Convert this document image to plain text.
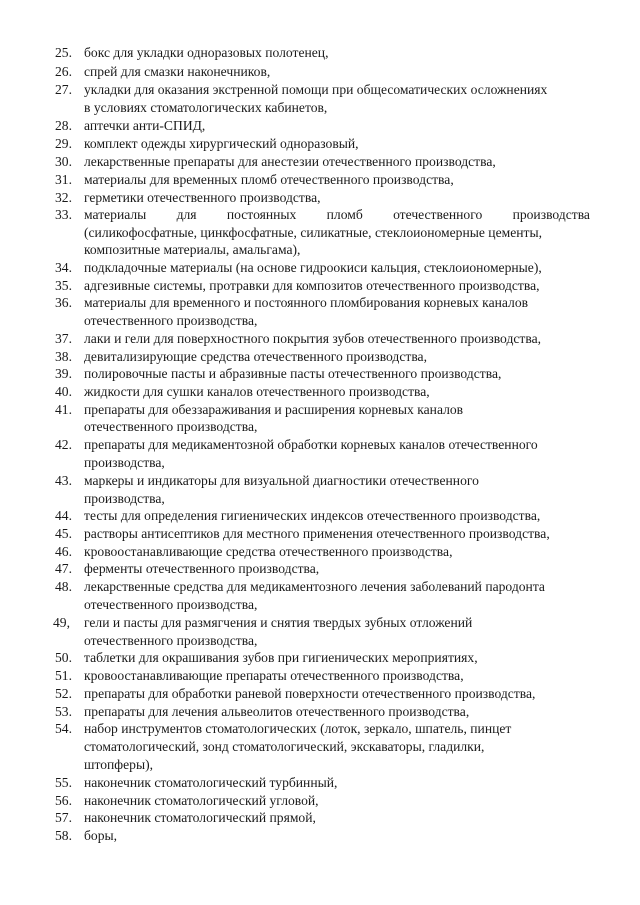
25. бокс для укладки одноразовых полотенец,
26. спрей для смазки наконечников,
27. укладки для оказания экстренной помощи при общесоматических осложнениях
в условиях стоматологических кабинетов,
28. аптечки анти-СПИД,
29. комплект одежды хирургический одноразовый,
30. лекарственные препараты для анестезии отечественного производства,
31. материалы для временных пломб отечественного производства,
32. герметики отечественного производства,
33. материалы для постоянных пломб отечественного производства
(силикофосфатные, цинкфосфатные, силикатные, стеклоиономерные цементы,
композитные материалы, амальгама),
34. подкладочные материалы (на основе гидроокиси кальция, стеклоиономерные),
35. адгезивные системы, протравки для композитов отечественного производства,
36. материалы для временного и постоянного пломбирования корневых каналов
отечественного производства,
37. лаки и гели для поверхностного покрытия зубов отечественного производства,
38. девитализирующие средства отечественного производства,
39. полировочные пасты и абразивные пасты отечественного производства,
40. жидкости для сушки каналов отечественного производства,
41. препараты для обеззараживания и расширения корневых каналов
отечественного производства,
42. препараты для медикаментозной обработки корневых каналов отечественного
производства,
43. маркеры и индикаторы для визуальной диагностики отечественного
производства,
44. тесты для определения гигиенических индексов отечественного производства,
45. растворы антисептиков для местного применения отечественного производства,
46. кровоостанавливающие средства отечественного производства,
47. ферменты отечественного производства,
48. лекарственные средства для медикаментозного лечения заболеваний пародонта
отечественного производства,
49, гели и пасты для размягчения и снятия твердых зубных отложений
отечественного производства,
50. таблетки для окрашивания зубов при гигиенических мероприятиях,
51. кровоостанавливающие препараты отечественного производства,
52. препараты для обработки раневой поверхности отечественного производства,
53. препараты для лечения альвеолитов отечественного производства,
54. набор инструментов стоматологических (лоток, зеркало, шпатель, пинцет
стоматологический, зонд стоматологический, экскаваторы, гладилки,
штопферы),
55. наконечник стоматологический турбинный,
56. наконечник стоматологический угловой,
57. наконечник стоматологический прямой,
58. боры,
